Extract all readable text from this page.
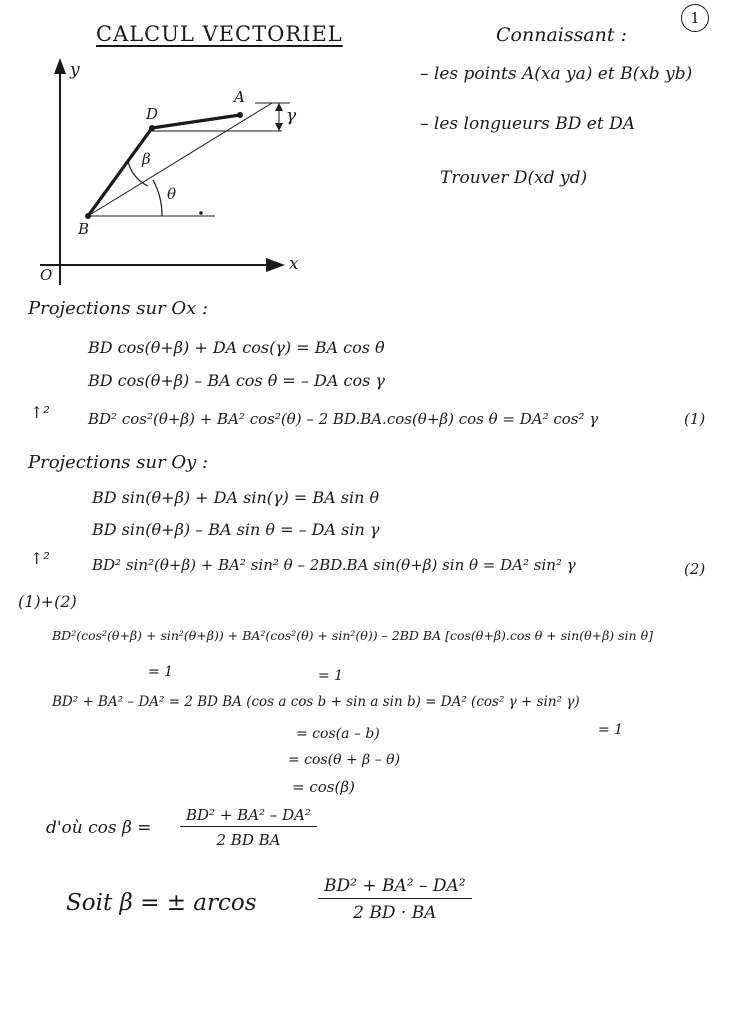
CALCUL VECTORIEL
1
Connaissant :
– les points A(xa ya) et B(xb yb)
– les longueurs BD et DA
Trouver D(xd yd)
y
x
O
A
B
D
β
θ
γ
Projections sur Ox :
BD cos(θ+β) + DA cos(γ) = BA cos θ
BD cos(θ+β) – BA cos θ = – DA cos γ
↑²	BD² cos²(θ+β) + BA² cos²(θ) – 2 BD.BA.cos(θ+β) cos θ = DA² cos² γ	(1)
Projections sur Oy :
BD sin(θ+β) + DA sin(γ) = BA sin θ
BD sin(θ+β) – BA sin θ = – DA sin γ
↑²	BD² sin²(θ+β) + BA² sin² θ – 2BD.BA sin(θ+β) sin θ = DA² sin² γ	(2)
(1)+(2)
BD²(cos²(θ+β) + sin²(θ+β)) + BA²(cos²(θ) + sin²(θ)) – 2BD BA [cos(θ+β).cos θ + sin(θ+β) sin θ]
= 1	= 1
BD² + BA² – DA² = 2 BD BA (cos a cos b + sin a sin b) = DA² (cos² γ + sin² γ)
= 1
= cos(a – b)
= cos(θ + β – θ)
= cos(β)
d'où $\cos \beta = \frac{\text{BD² + BA² – DA²}}{\text{2 BD BA}}$
Soit β = ± arcos	$\frac{\text{BD² + BA² – DA²}}{2 BD \cdot BA}$
